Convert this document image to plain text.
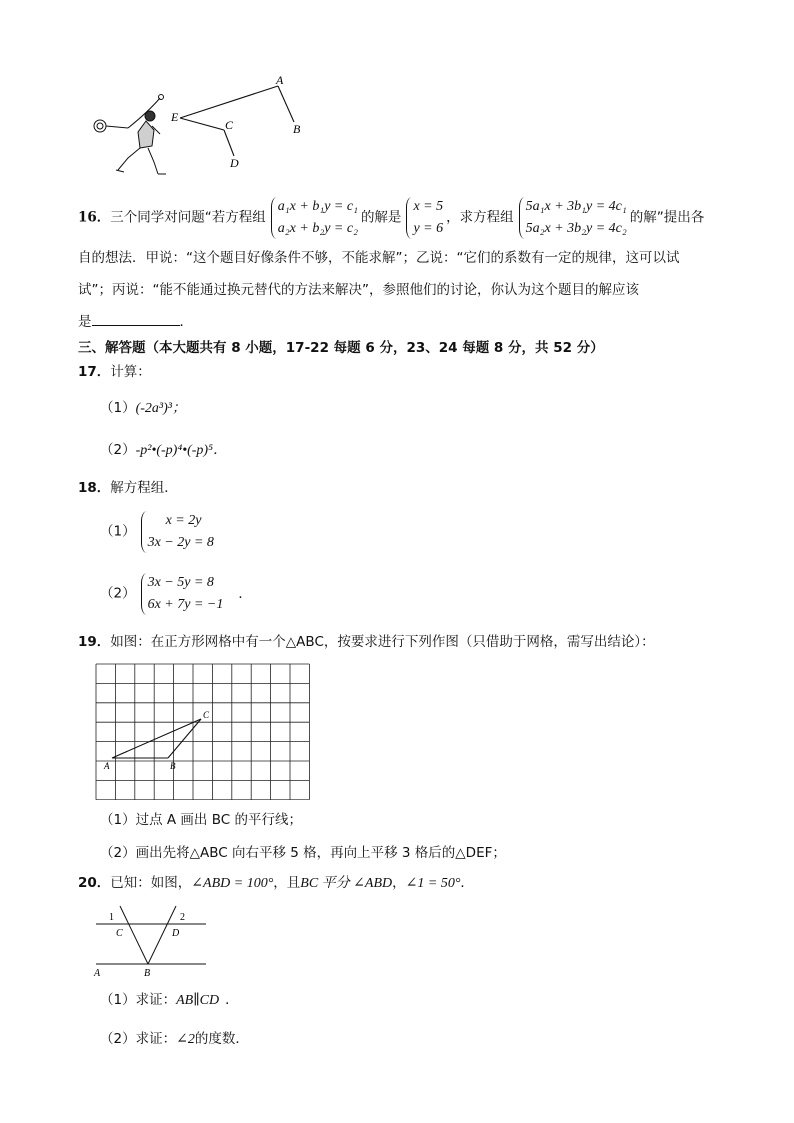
A
B
C
D
E
16．三个同学对问题“若方程组
a₁x + b₁y = c₁
a₂x + b₂y = c₂
的解是
x = 5
y = 6
，求方程组
5a₁x + 3b₁y = 4c₁
5a₂x + 3b₂y = 4c₂
的解”提出各
自的想法．甲说：“这个题目好像条件不够，不能求解”；乙说：“它们的系数有一定的规律，这可以试
试”；丙说：“能不能通过换元替代的方法来解决”，参照他们的讨论，你认为这个题目的解应该
是	．
三、解答题（本大题共有 8 小题，17-22 每题 6 分，23、24 每题 8 分，共 52 分）
17．计算：
（1）(-2a³)³；
（2）-p²•(-p)⁴•(-p)⁵．
18．解方程组．
（1）
x = 2y
3x − 2y = 8
（2）
3x − 5y = 8
6x + 7y = −1
．
19．如图：在正方形网格中有一个△ABC，按要求进行下列作图（只借助于网格，需写出结论）：
A	B
C
（1）过点 A 画出 BC 的平行线；
（2）画出先将△ABC 向右平移 5 格，再向上平移 3 格后的△DEF；
20．已知：如图，∠ABD = 100°，且BC 平分 ∠ABD，∠1 = 50°．
1	2
C	D
A	B
（1）求证：AB∥CD ．
（2）求证：∠2的度数．
